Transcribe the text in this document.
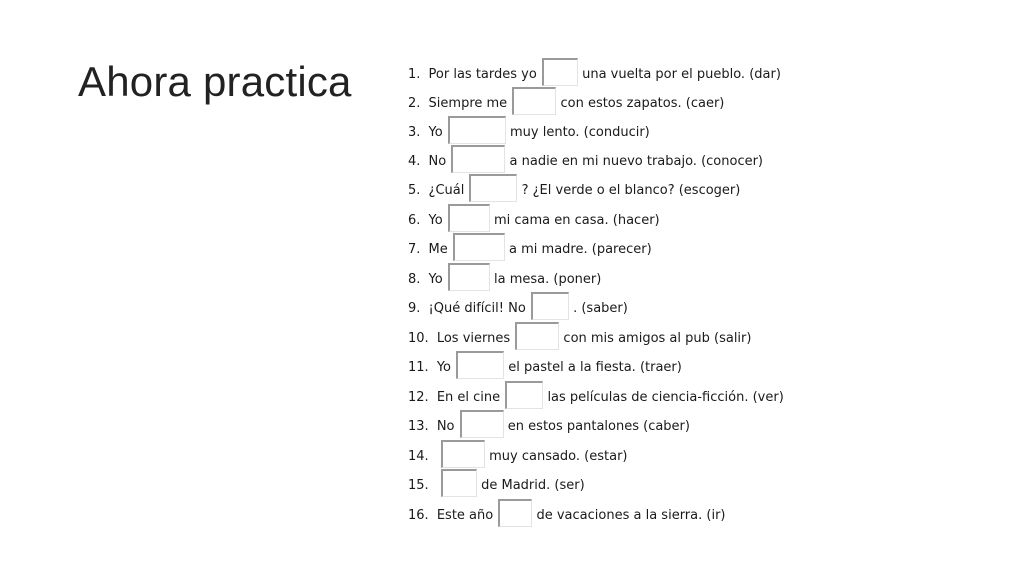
Ahora practica	1. Por las tardes yo	una vuelta por el pueblo. (dar)
2. Siempre me	con estos zapatos. (caer)
3. Yo	muy lento. (conducir)
4. No	a nadie en mi nuevo trabajo. (conocer)
5. ¿Cuál	? ¿El verde o el blanco? (escoger)
6. Yo	mi cama en casa. (hacer)
7. Me	a mi madre. (parecer)
8. Yo	la mesa. (poner)
9. ¡Qué difícil! No	. (saber)
10. Los viernes	con mis amigos al pub (salir)
11. Yo	el pastel a la fiesta. (traer)
12. En el cine	las películas de ciencia-ficción. (ver)
13. No	en estos pantalones (caber)
14.	muy cansado. (estar)
15.	de Madrid. (ser)
16. Este año	de vacaciones a la sierra. (ir)
